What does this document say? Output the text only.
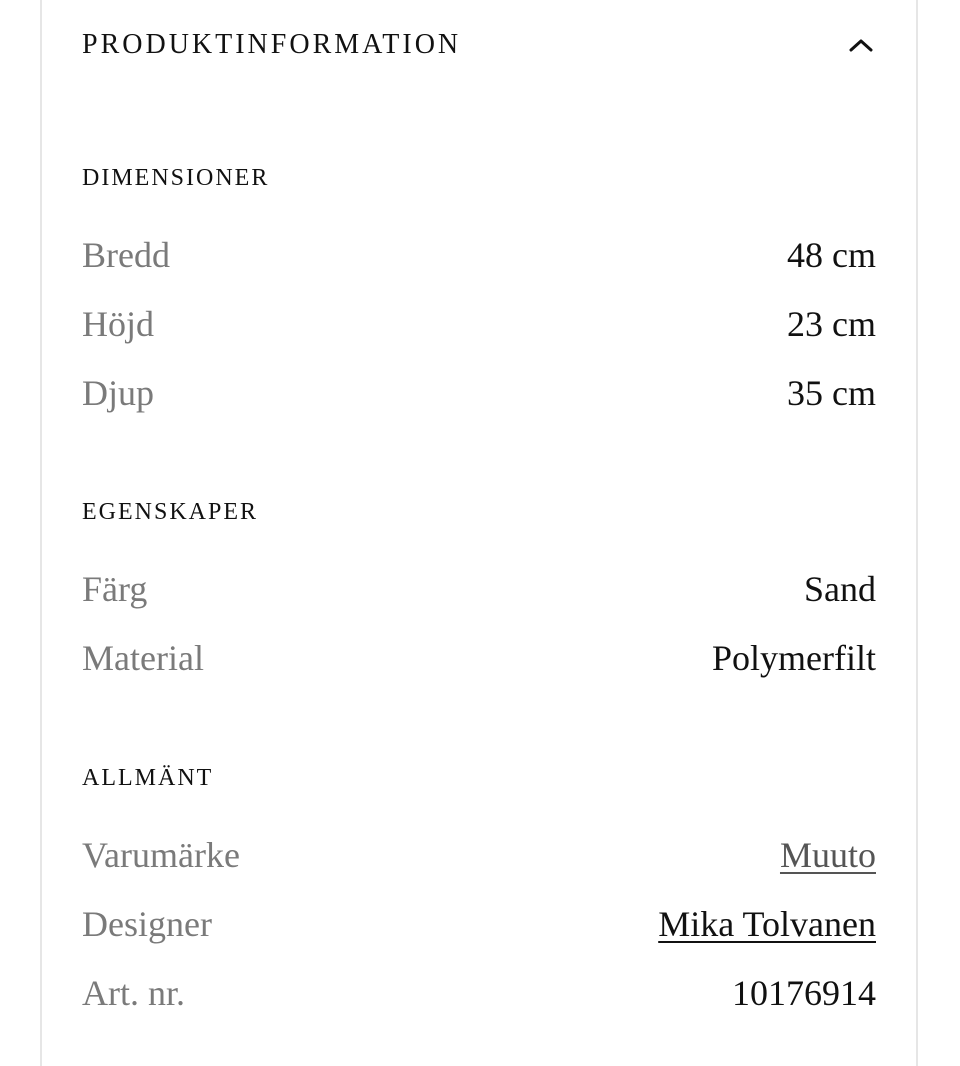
PRODUKTINFORMATION
DIMENSIONER
Bredd	48 cm
Höjd	23 cm
Djup	35 cm
EGENSKAPER
Färg	Sand
Material	Polymerfilt
ALLMÄNT
Varumärke	Muuto
Designer	Mika Tolvanen
Art. nr.	10176914
